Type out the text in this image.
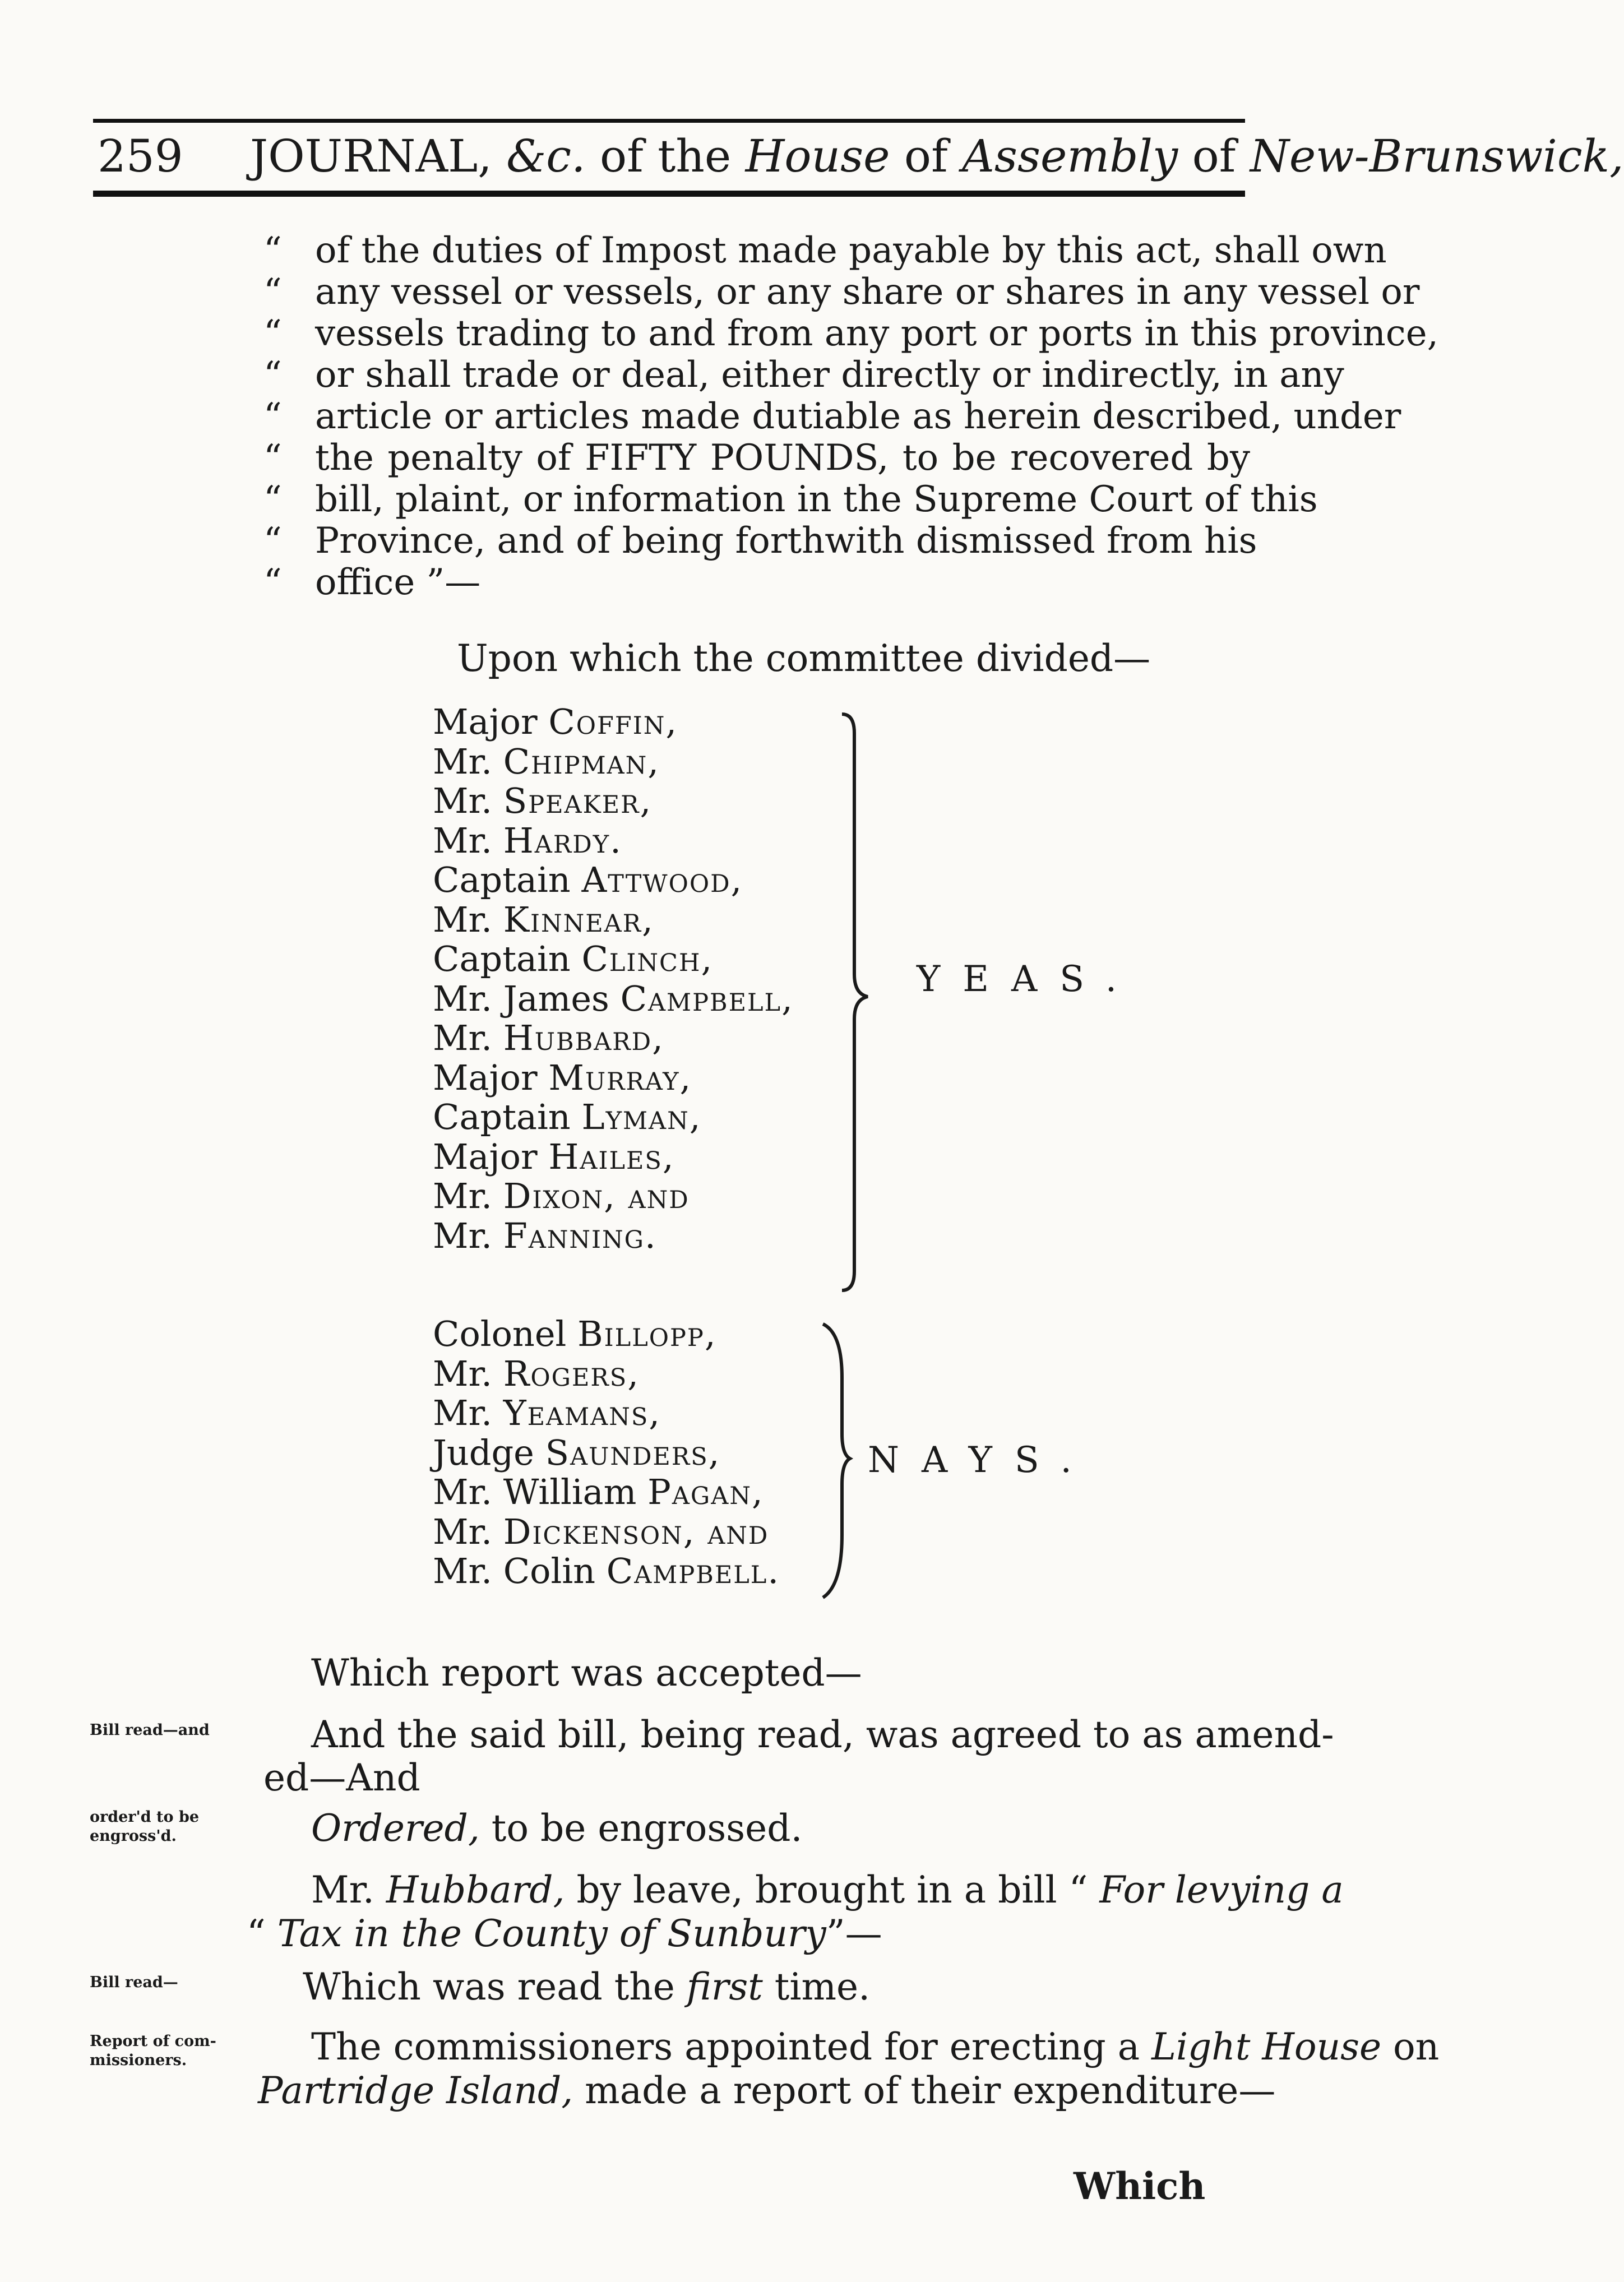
259 JOURNAL, &c. of the House of Assembly of New-Brunswick,
“ of the duties of Impost made payable by this act, shall own
“ any vessel or vessels, or any share or shares in any vessel or
“ vessels trading to and from any port or ports in this province,
“ or shall trade or deal, either directly or indirectly, in any
“ article or articles made dutiable as herein described, under
“ the penalty of FIFTY POUNDS, to be recovered by
“ bill, plaint, or information in the Supreme Court of this
“ Province, and of being forthwith dismissed from his
“ office ”—
Upon which the committee divided—
Major Coffin,
Mr. Chipman,
Mr. Speaker,
Mr. Hardy.
Captain Attwood,
Mr. Kinnear,
Captain Clinch,
Mr. James Campbell,
Mr. Hubbard,
Major Murray,
Captain Lyman,
Major Hailes,
Mr. Dixon, and
Mr. Fanning.
YEAS.
Colonel Billopp,
Mr. Rogers,
Mr. Yeamans,
Judge Saunders,
Mr. William Pagan,
Mr. Dickenson, and
Mr. Colin Campbell.
NAYS.
Which report was accepted—
Bill read—and	And the said bill, being read, was agreed to as amend-
ed—And
order'd to be
engross'd.	Ordered, to be engrossed.
Mr. Hubbard, by leave, brought in a bill “ For levying a
“ Tax in the County of Sunbury”—
Bill read—	Which was read the first time.
Report of com-
missioners.	The commissioners appointed for erecting a Light House on
Partridge Island, made a report of their expenditure—
Which
